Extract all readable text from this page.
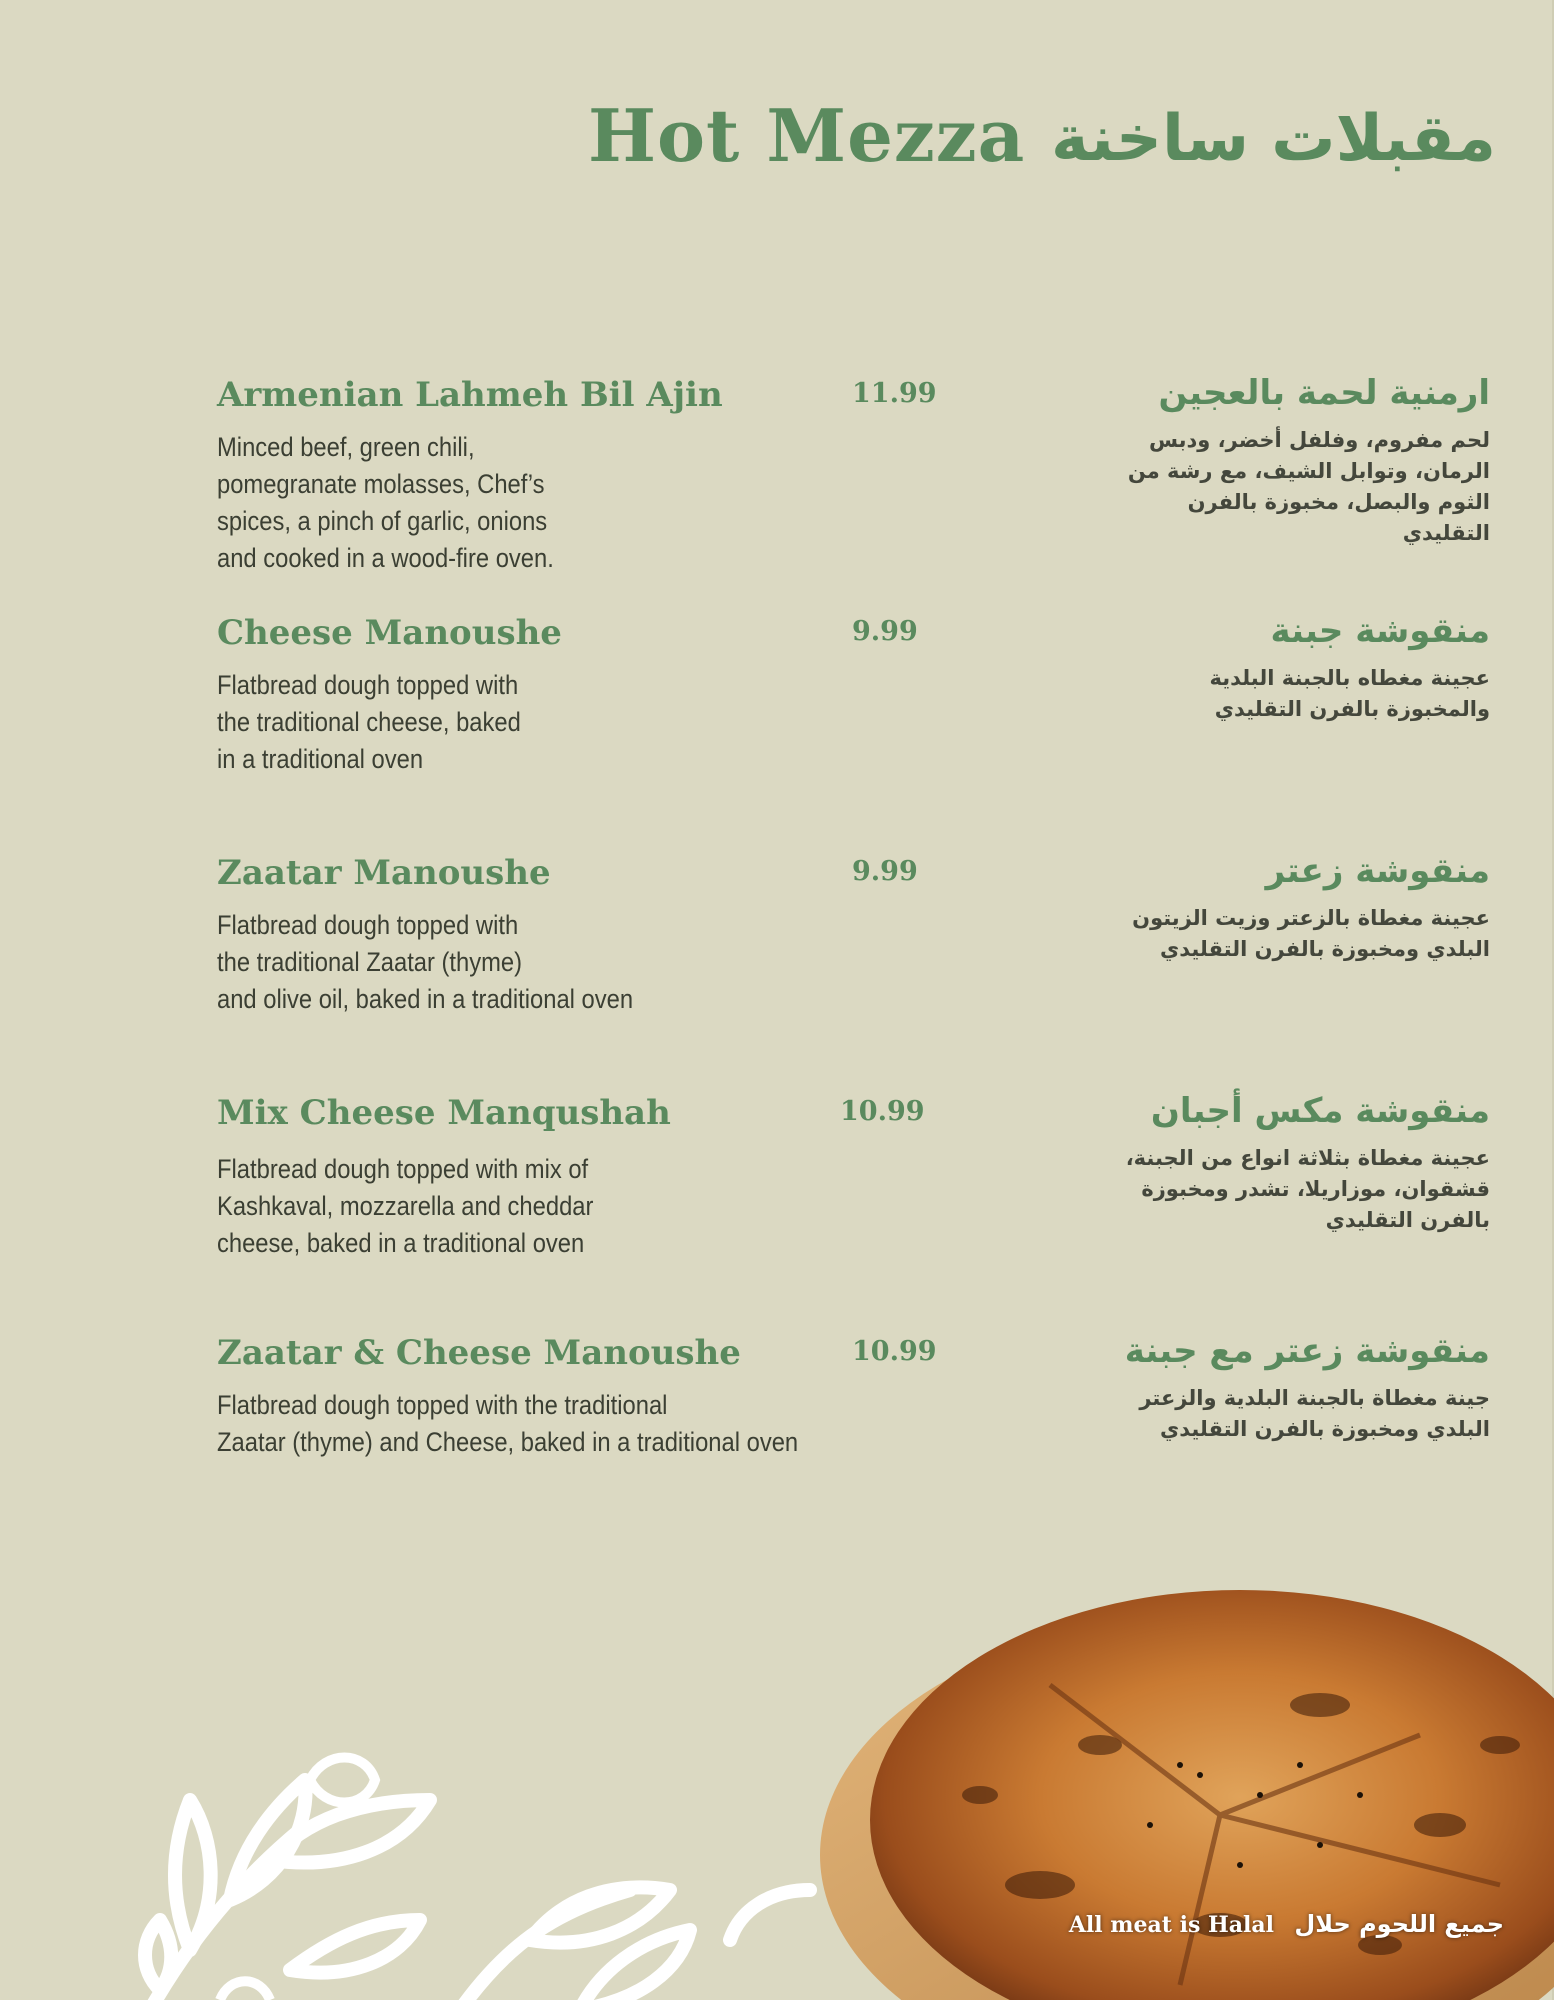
Hot Mezza مقبلات ساخنة
Armenian Lahmeh Bil Ajin	11.99
Minced beef, green chili,
pomegranate molasses, Chef’s
spices, a pinch of garlic, onions
and cooked in a wood-fire oven.
ارمنية لحمة بالعجين
لحم مفروم، وفلفل أخضر، ودبس
الرمان، وتوابل الشيف، مع رشة من
الثوم والبصل، مخبوزة بالفرن
التقليدي
Cheese Manoushe	9.99
Flatbread dough topped with
the traditional cheese, baked
in a traditional oven
منقوشة جبنة
عجينة مغطاه بالجبنة البلدية
والمخبوزة بالفرن التقليدي
Zaatar Manoushe	9.99
Flatbread dough topped with
the traditional Zaatar (thyme)
and olive oil, baked in a traditional oven
منقوشة زعتر
عجينة مغطاة بالزعتر وزيت الزيتون
البلدي ومخبوزة بالفرن التقليدي
Mix Cheese Manqushah	10.99
Flatbread dough topped with mix of
Kashkaval, mozzarella and cheddar
cheese, baked in a traditional oven
منقوشة مكس أجبان
عجينة مغطاة بثلاثة انواع من الجبنة،
قشقوان، موزاريلا، تشدر ومخبوزة
بالفرن التقليدي
Zaatar & Cheese Manoushe	10.99
Flatbread dough topped with the traditional
Zaatar (thyme) and Cheese, baked in a traditional oven
منقوشة زعتر مع جبنة
جينة مغطاة بالجبنة البلدية والزعتر
البلدي ومخبوزة بالفرن التقليدي
All meat is Halal جميع اللحوم حلال
